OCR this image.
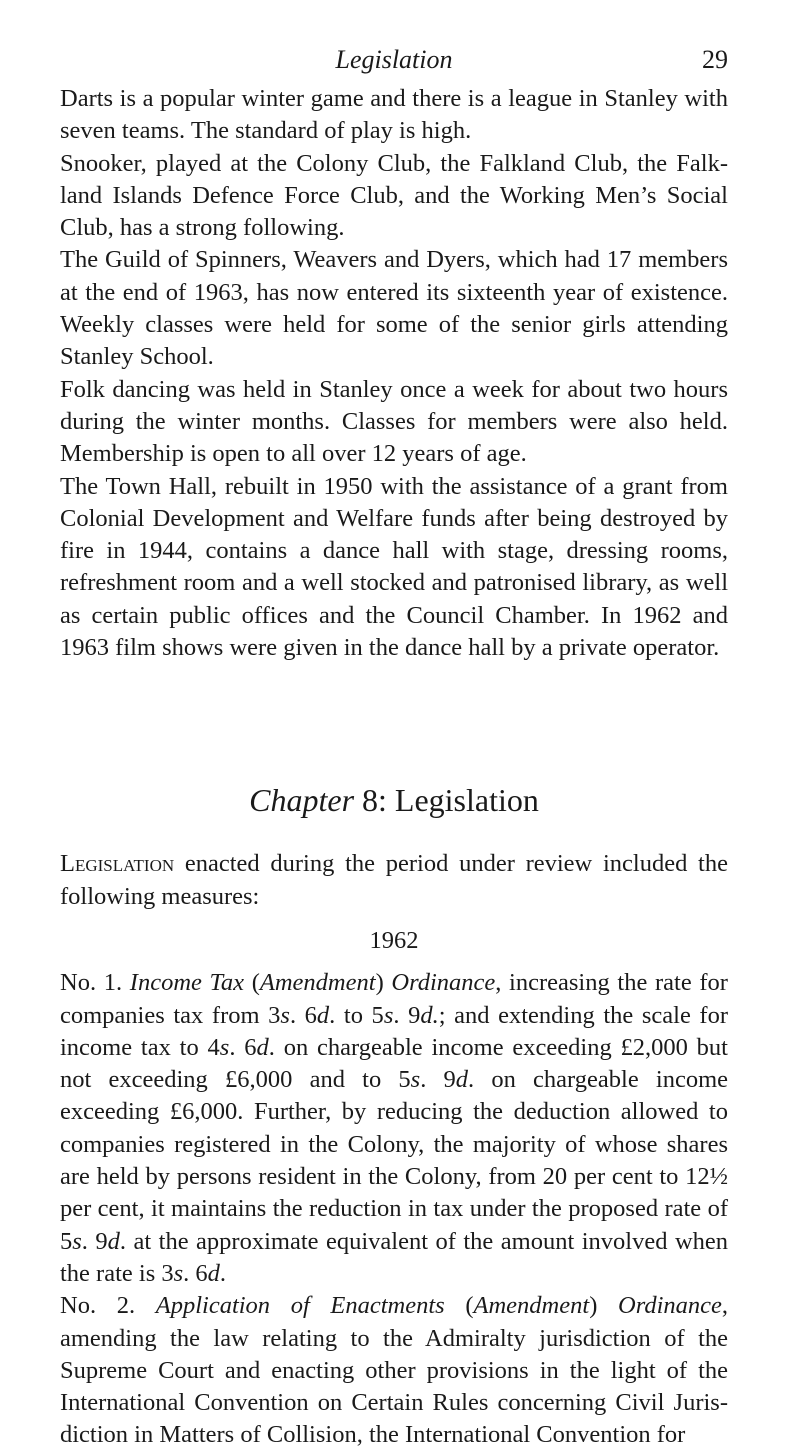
Legislation	29

Darts is a popular winter game and there is a league in Stanley with seven teams. The standard of play is high.

Snooker, played at the Colony Club, the Falkland Club, the Falkland Islands Defence Force Club, and the Working Men’s Social Club, has a strong following.

The Guild of Spinners, Weavers and Dyers, which had 17 members at the end of 1963, has now entered its sixteenth year of existence. Weekly classes were held for some of the senior girls attending Stanley School.

Folk dancing was held in Stanley once a week for about two hours during the winter months. Classes for members were also held. Membership is open to all over 12 years of age.

The Town Hall, rebuilt in 1950 with the assistance of a grant from Colonial Development and Welfare funds after being destroyed by fire in 1944, contains a dance hall with stage, dressing rooms, refreshment room and a well stocked and patronised library, as well as certain public offices and the Council Chamber. In 1962 and 1963 film shows were given in the dance hall by a private operator.

Chapter 8: Legislation

Legislation enacted during the period under review included the following measures:

1962

No. 1. Income Tax (Amendment) Ordinance, increasing the rate for companies tax from 3s. 6d. to 5s. 9d.; and extending the scale for income tax to 4s. 6d. on chargeable income exceeding £2,000 but not exceeding £6,000 and to 5s. 9d. on chargeable income exceeding £6,000. Further, by reducing the deduction allowed to companies registered in the Colony, the majority of whose shares are held by persons resident in the Colony, from 20 per cent to 12½ per cent, it maintains the reduction in tax under the proposed rate of 5s. 9d. at the approximate equivalent of the amount involved when the rate is 3s. 6d.

No. 2. Application of Enactments (Amendment) Ordinance, amending the law relating to the Admiralty jurisdiction of the Supreme Court and enacting other provisions in the light of the International Convention on Certain Rules concerning Civil Jurisdiction in Matters of Collision, the International Convention for
